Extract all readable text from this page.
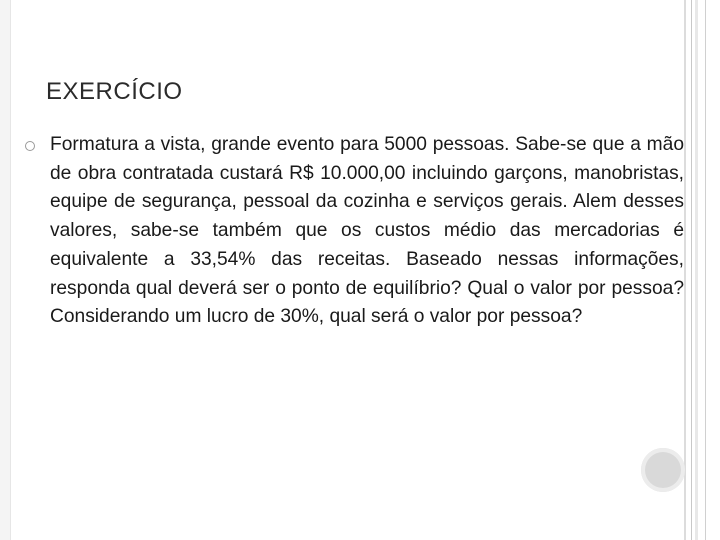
EXERCÍCIO
Formatura a vista, grande evento para 5000 pessoas. Sabe-se que a mão de obra contratada custará R$ 10.000,00 incluindo garçons, manobristas, equipe de segurança, pessoal da cozinha e serviços gerais. Alem desses valores, sabe-se também que os custos médio das mercadorias é equivalente a 33,54% das receitas. Baseado nessas informações, responda qual deverá ser o ponto de equilíbrio? Qual o valor por pessoa? Considerando um lucro de 30%, qual será o valor por pessoa?
